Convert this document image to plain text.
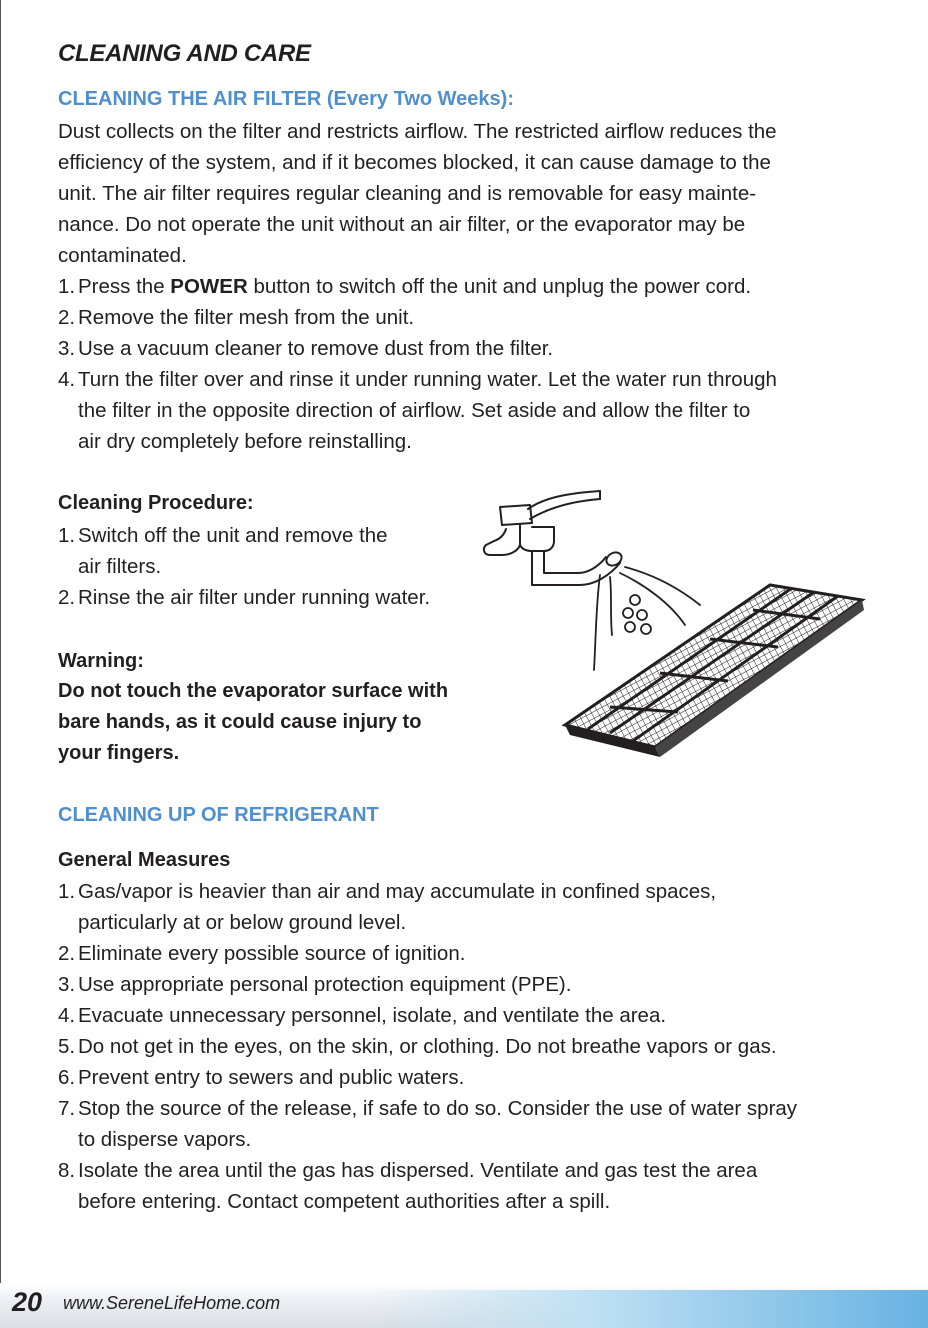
CLEANING AND CARE
CLEANING THE AIR FILTER (Every Two Weeks):
Dust collects on the filter and restricts airflow. The restricted airflow reduces the
efficiency of the system, and if it becomes blocked, it can cause damage to the
unit. The air filter requires regular cleaning and is removable for easy mainte-
nance. Do not operate the unit without an air filter, or the evaporator may be
contaminated.
1. Press the POWER button to switch off the unit and unplug the power cord.
2. Remove the filter mesh from the unit.
3. Use a vacuum cleaner to remove dust from the filter.
4. Turn the filter over and rinse it under running water. Let the water run through
the filter in the opposite direction of airflow. Set aside and allow the filter to
air dry completely before reinstalling.
Cleaning Procedure:
1. Switch off the unit and remove the
air filters.
2. Rinse the air filter under running water.
Warning:
Do not touch the evaporator surface with
bare hands, as it could cause injury to
your fingers.
CLEANING UP OF REFRIGERANT
General Measures
1. Gas/vapor is heavier than air and may accumulate in confined spaces,
particularly at or below ground level.
2. Eliminate every possible source of ignition.
3. Use appropriate personal protection equipment (PPE).
4. Evacuate unnecessary personnel, isolate, and ventilate the area.
5. Do not get in the eyes, on the skin, or clothing. Do not breathe vapors or gas.
6. Prevent entry to sewers and public waters.
7. Stop the source of the release, if safe to do so. Consider the use of water spray
to disperse vapors.
8. Isolate the area until the gas has dispersed. Ventilate and gas test the area
before entering. Contact competent authorities after a spill.

20 www.SereneLifeHome.com
